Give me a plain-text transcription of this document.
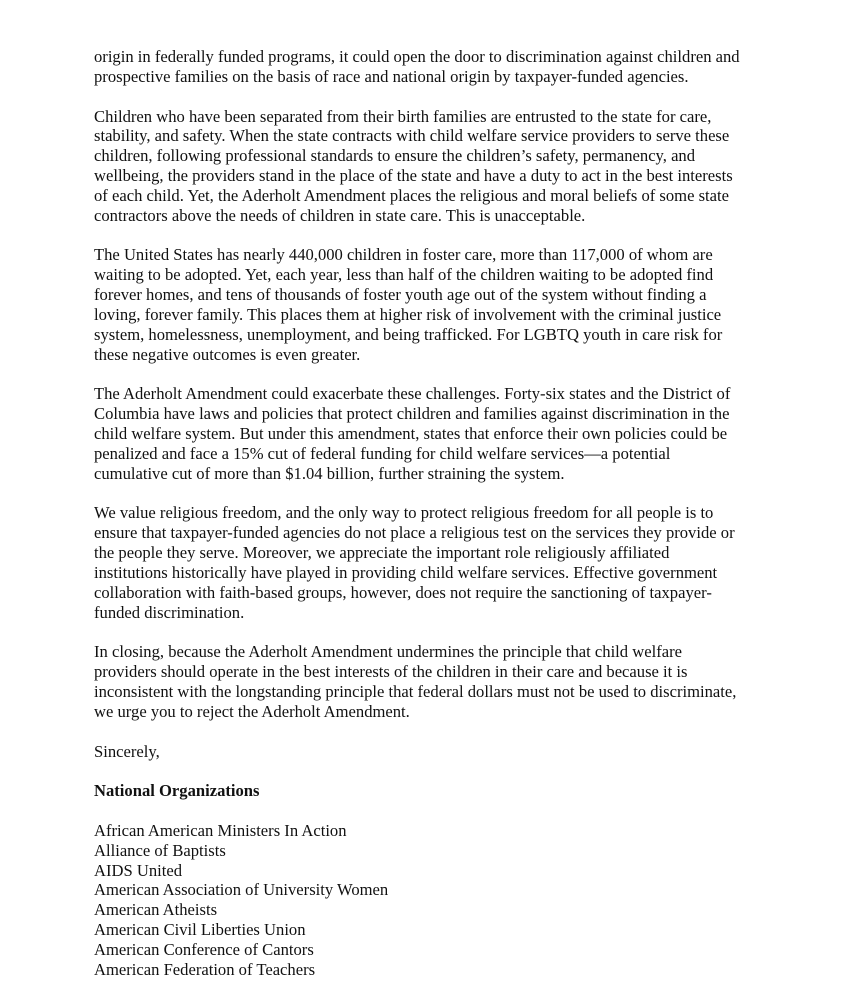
origin in federally funded programs, it could open the door to discrimination against children and
prospective families on the basis of race and national origin by taxpayer-funded agencies.

Children who have been separated from their birth families are entrusted to the state for care,
stability, and safety. When the state contracts with child welfare service providers to serve these
children, following professional standards to ensure the children’s safety, permanency, and
wellbeing, the providers stand in the place of the state and have a duty to act in the best interests
of each child. Yet, the Aderholt Amendment places the religious and moral beliefs of some state
contractors above the needs of children in state care. This is unacceptable.

The United States has nearly 440,000 children in foster care, more than 117,000 of whom are
waiting to be adopted. Yet, each year, less than half of the children waiting to be adopted find
forever homes, and tens of thousands of foster youth age out of the system without finding a
loving, forever family. This places them at higher risk of involvement with the criminal justice
system, homelessness, unemployment, and being trafficked. For LGBTQ youth in care risk for
these negative outcomes is even greater.

The Aderholt Amendment could exacerbate these challenges. Forty-six states and the District of
Columbia have laws and policies that protect children and families against discrimination in the
child welfare system. But under this amendment, states that enforce their own policies could be
penalized and face a 15% cut of federal funding for child welfare services—a potential
cumulative cut of more than $1.04 billion, further straining the system.

We value religious freedom, and the only way to protect religious freedom for all people is to
ensure that taxpayer-funded agencies do not place a religious test on the services they provide or
the people they serve. Moreover, we appreciate the important role religiously affiliated
institutions historically have played in providing child welfare services. Effective government
collaboration with faith-based groups, however, does not require the sanctioning of taxpayer-
funded discrimination.

In closing, because the Aderholt Amendment undermines the principle that child welfare
providers should operate in the best interests of the children in their care and because it is
inconsistent with the longstanding principle that federal dollars must not be used to discriminate,
we urge you to reject the Aderholt Amendment.

Sincerely,

National Organizations

African American Ministers In Action
Alliance of Baptists
AIDS United
American Association of University Women
American Atheists
American Civil Liberties Union
American Conference of Cantors
American Federation of Teachers
